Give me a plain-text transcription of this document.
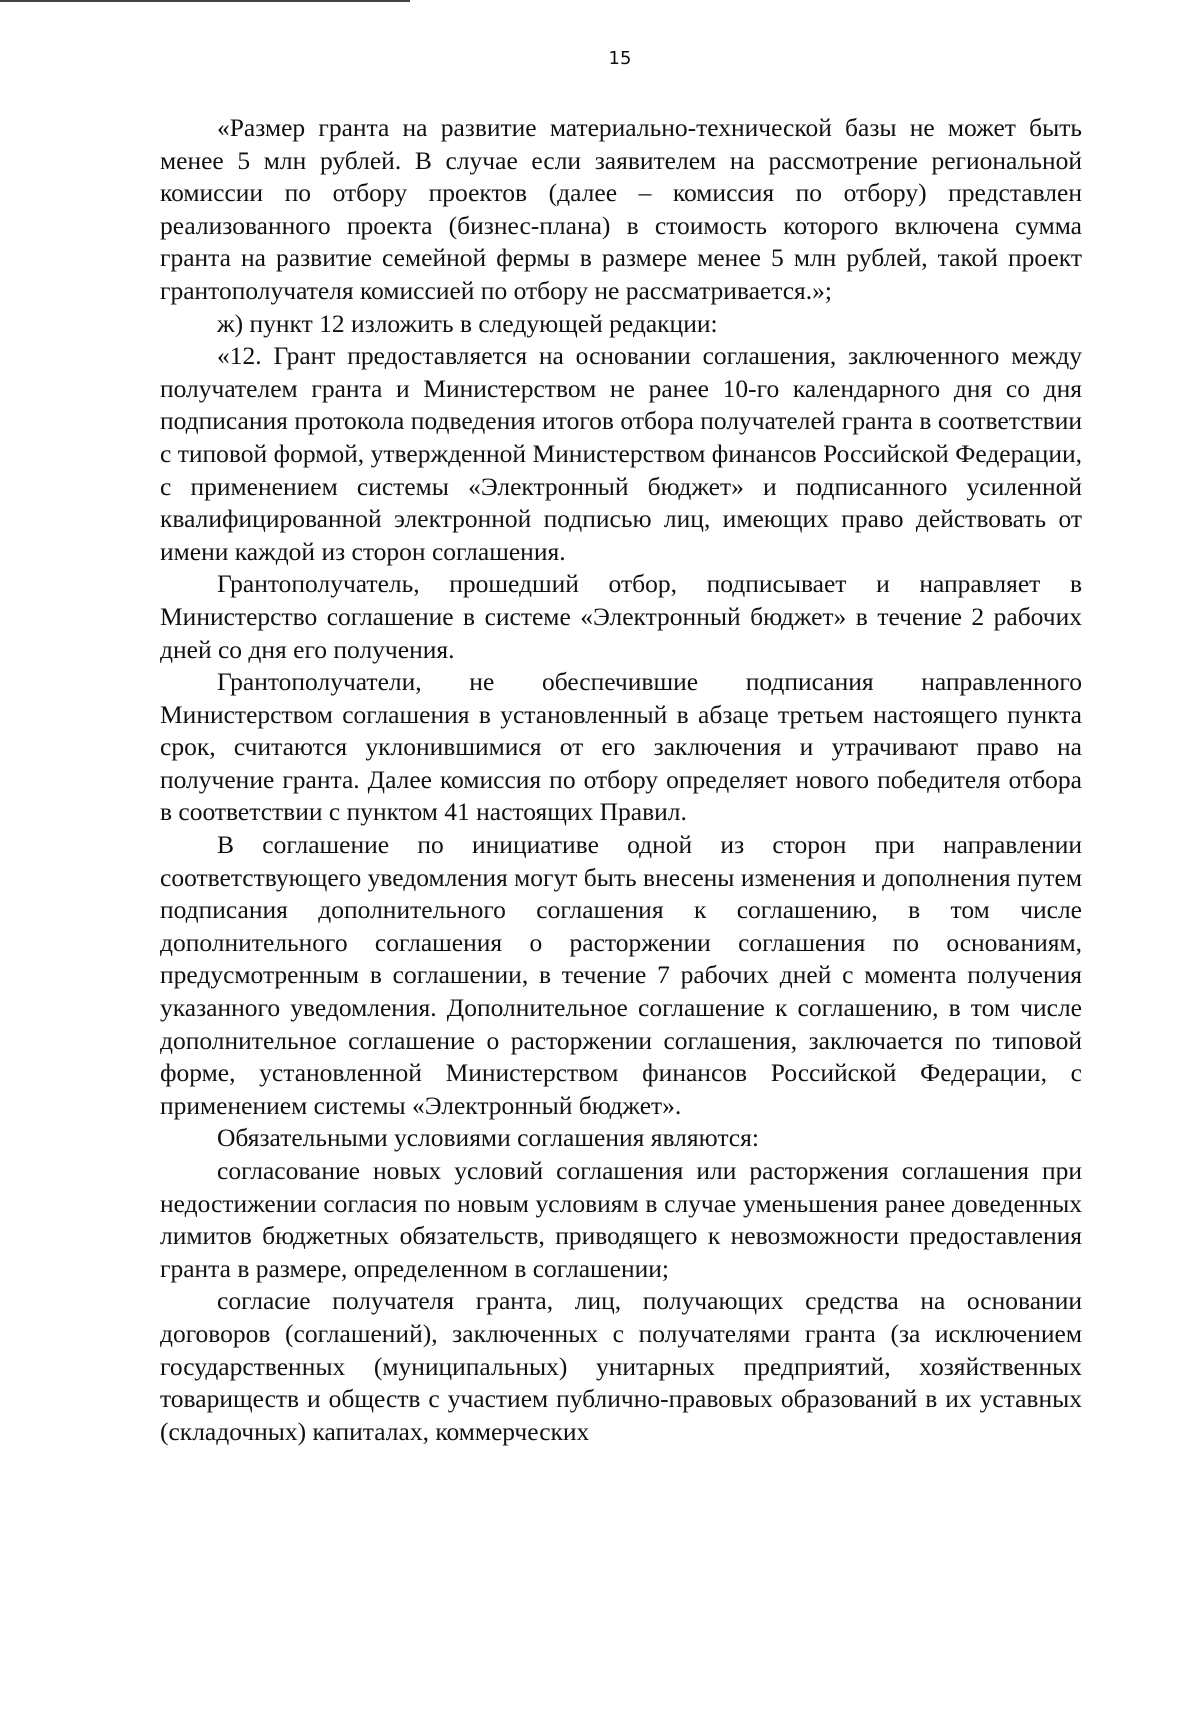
15

«Размер гранта на развитие материально-технической базы не может быть менее 5 млн рублей. В случае если заявителем на рассмотрение региональной комиссии по отбору проектов (далее – комиссия по отбору) представлен реализованного проекта (бизнес-плана) в стоимость которого включена сумма гранта на развитие семейной фермы в размере менее 5 млн рублей, такой проект грантополучателя комиссией по отбору не рассматривается.»;

ж) пункт 12 изложить в следующей редакции:

«12. Грант предоставляется на основании соглашения, заключенного между получателем гранта и Министерством не ранее 10-го календарного дня со дня подписания протокола подведения итогов отбора получателей гранта в соответствии с типовой формой, утвержденной Министерством финансов Российской Федерации, с применением системы «Электронный бюджет» и подписанного усиленной квалифицированной электронной подписью лиц, имеющих право действовать от имени каждой из сторон соглашения.

Грантополучатель, прошедший отбор, подписывает и направляет в Министерство соглашение в системе «Электронный бюджет» в течение 2 рабочих дней со дня его получения.

Грантополучатели, не обеспечившие подписания направленного Министерством соглашения в установленный в абзаце третьем настоящего пункта срок, считаются уклонившимися от его заключения и утрачивают право на получение гранта. Далее комиссия по отбору определяет нового победителя отбора в соответствии с пунктом 41 настоящих Правил.

В соглашение по инициативе одной из сторон при направлении соответствующего уведомления могут быть внесены изменения и дополнения путем подписания дополнительного соглашения к соглашению, в том числе дополнительного соглашения о расторжении соглашения по основаниям, предусмотренным в соглашении, в течение 7 рабочих дней с момента получения указанного уведомления. Дополнительное соглашение к соглашению, в том числе дополнительное соглашение о расторжении соглашения, заключается по типовой форме, установленной Министерством финансов Российской Федерации, с применением системы «Электронный бюджет».

Обязательными условиями соглашения являются:

согласование новых условий соглашения или расторжения соглашения при недостижении согласия по новым условиям в случае уменьшения ранее доведенных лимитов бюджетных обязательств, приводящего к невозможности предоставления гранта в размере, определенном в соглашении;

согласие получателя гранта, лиц, получающих средства на основании договоров (соглашений), заключенных с получателями гранта (за исключением государственных (муниципальных) унитарных предприятий, хозяйственных товариществ и обществ с участием публично-правовых образований в их уставных (складочных) капиталах, коммерческих
